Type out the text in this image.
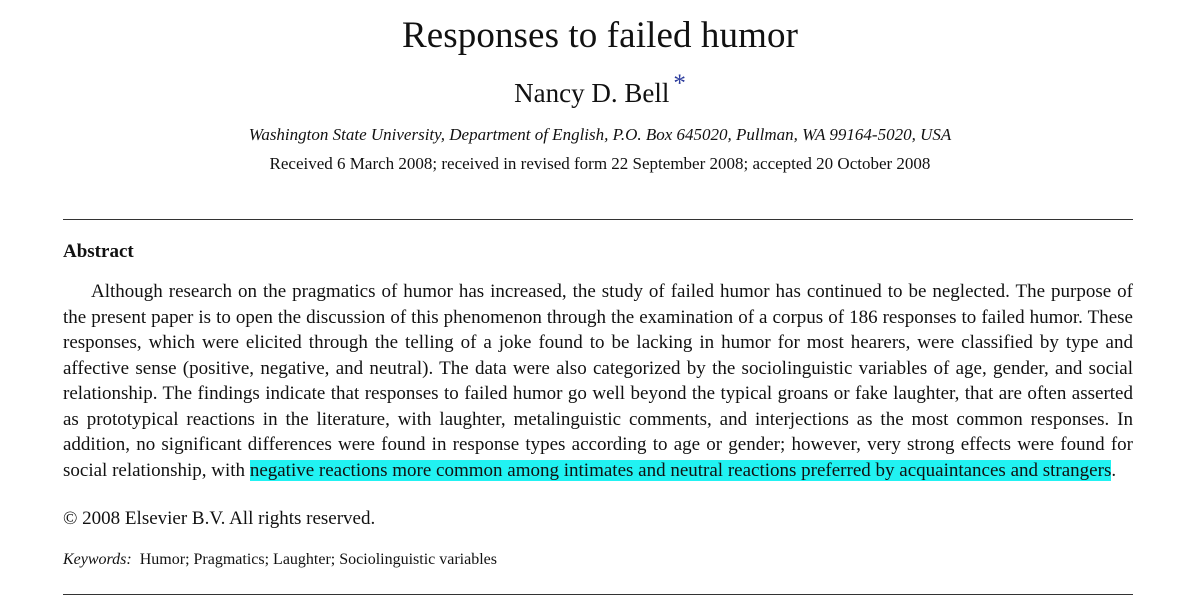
Responses to failed humor
Nancy D. Bell *
Washington State University, Department of English, P.O. Box 645020, Pullman, WA 99164-5020, USA
Received 6 March 2008; received in revised form 22 September 2008; accepted 20 October 2008
Abstract

Although research on the pragmatics of humor has increased, the study of failed humor has continued to be neglected. The purpose of the present paper is to open the discussion of this phenomenon through the examination of a corpus of 186 responses to failed humor. These responses, which were elicited through the telling of a joke found to be lacking in humor for most hearers, were classified by type and affective sense (positive, negative, and neutral). The data were also categorized by the sociolinguistic variables of age, gender, and social relationship. The findings indicate that responses to failed humor go well beyond the typical groans or fake laughter, that are often asserted as prototypical reactions in the literature, with laughter, metalinguistic comments, and interjections as the most common responses. In addition, no significant differences were found in response types according to age or gender; however, very strong effects were found for social relationship, with negative reactions more common among intimates and neutral reactions preferred by acquaintances and strangers.

© 2008 Elsevier B.V. All rights reserved.
Keywords: Humor; Pragmatics; Laughter; Sociolinguistic variables
